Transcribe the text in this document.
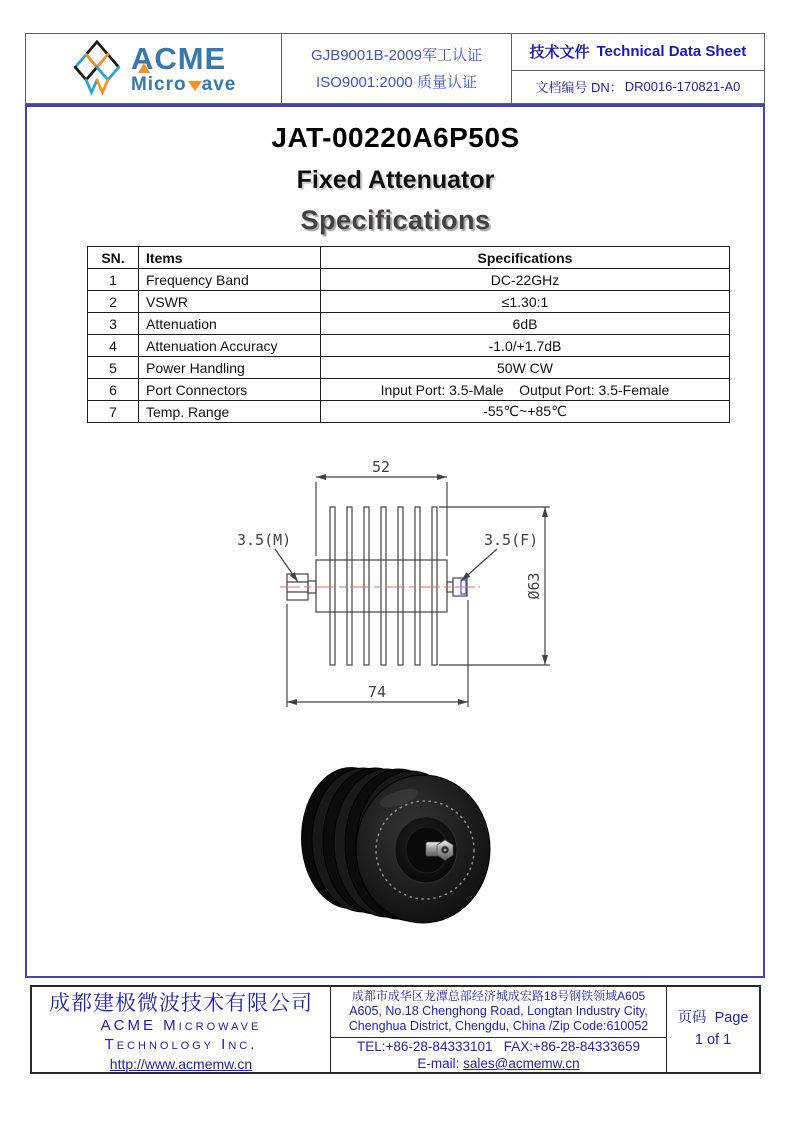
ACME
Micro ave
GJB9001B-2009军工认证
ISO9001:2000 质量认证
技术文件 Technical Data Sheet
文档编号 DN： DR0016-170821-A0
JAT-00220A6P50S
Fixed Attenuator
Specifications
SN.	Items	Specifications
1	Frequency Band	DC-22GHz
2	VSWR	≤1.30:1
3	Attenuation	6dB
4	Attenuation Accuracy	-1.0/+1.7dB
5	Power Handling	50W CW
6	Port Connectors	Input Port: 3.5-Male    Output Port: 3.5-Female
7	Temp. Range	-55℃~+85℃
52
74
Ø63
3.5(M)	3.5(F)
成都建极微波技术有限公司
ACME Microwave
Technology Inc.
http://www.acmemw.cn
成都市成华区龙潭总部经济城成宏路18号钢铁领域A605
A605, No.18 Chenghong Road, Longtan Industry City,
Chenghua District, Chengdu, China /Zip Code:610052
TEL:+86-28-84333101   FAX:+86-28-84333659
E-mail: sales@acmemw.cn
页码  Page
1 of 1
